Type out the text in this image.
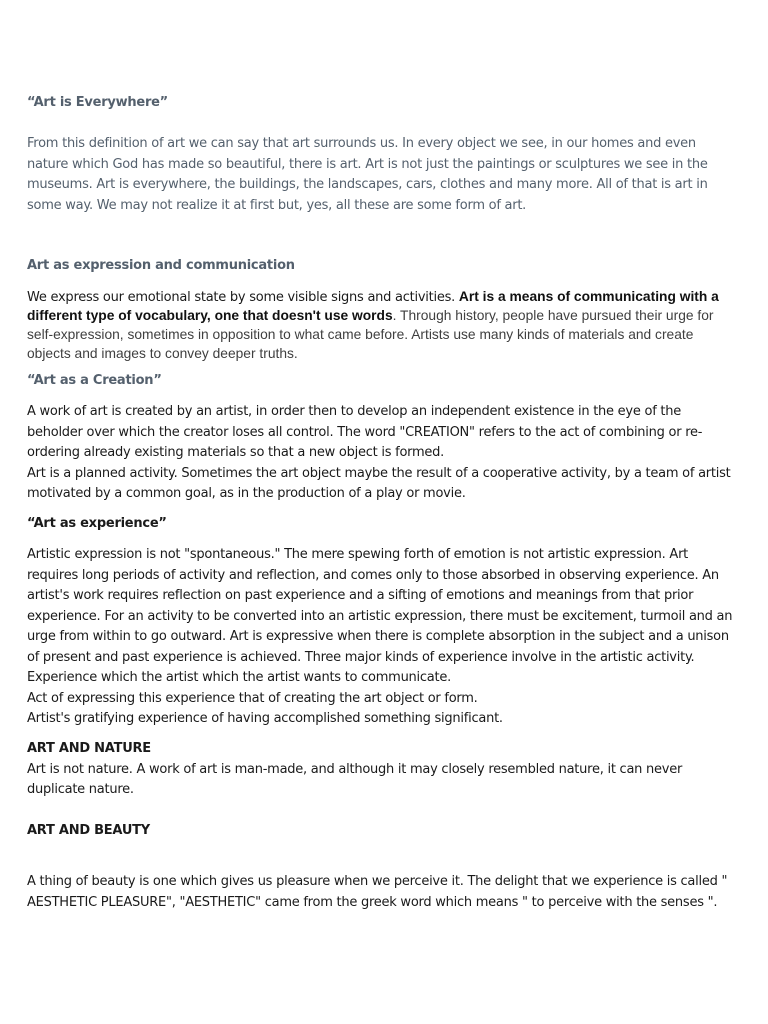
“Art is Everywhere”

From this definition of art we can say that art surrounds us. In every object we see, in our homes and even nature which God has made so beautiful, there is art. Art is not just the paintings or sculptures we see in the museums. Art is everywhere, the buildings, the landscapes, cars, clothes and many more. All of that is art in some way. We may not realize it at first but, yes, all these are some form of art.

Art as expression and communication

We express our emotional state by some visible signs and activities. Art is a means of communicating with a different type of vocabulary, one that doesn't use words. Through history, people have pursued their urge for self-expression, sometimes in opposition to what came before. Artists use many kinds of materials and create objects and images to convey deeper truths.

“Art as a Creation”

A work of art is created by an artist, in order then to develop an independent existence in the eye of the beholder over which the creator loses all control. The word "CREATION" refers to the act of combining or re-ordering already existing materials so that a new object is formed.
Art is a planned activity. Sometimes the art object maybe the result of a cooperative activity, by a team of artist motivated by a common goal, as in the production of a play or movie.

“Art as experience”

Artistic expression is not "spontaneous." The mere spewing forth of emotion is not artistic expression. Art requires long periods of activity and reflection, and comes only to those absorbed in observing experience. An artist's work requires reflection on past experience and a sifting of emotions and meanings from that prior experience. For an activity to be converted into an artistic expression, there must be excitement, turmoil and an urge from within to go outward. Art is expressive when there is complete absorption in the subject and a unison of present and past experience is achieved. Three major kinds of experience involve in the artistic activity.
Experience which the artist which the artist wants to communicate.
Act of expressing this experience that of creating the art object or form.
Artist's gratifying experience of having accomplished something significant.
ART AND NATURE
Art is not nature. A work of art is man-made, and although it may closely resembled nature, it can never duplicate nature.

ART AND BEAUTY

A thing of beauty is one which gives us pleasure when we perceive it. The delight that we experience is called " AESTHETIC PLEASURE", "AESTHETIC" came from the greek word which means " to perceive with the senses ".
